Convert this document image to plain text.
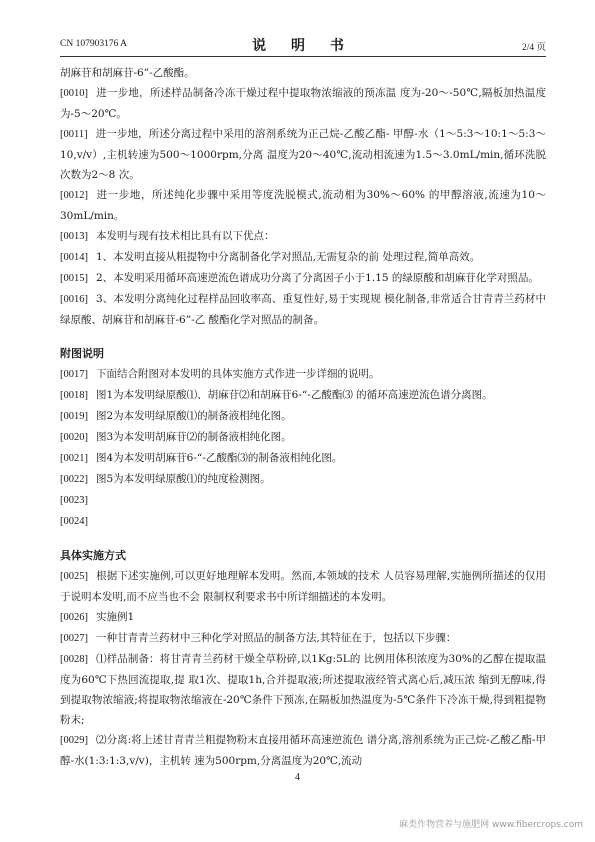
CN 107903176 A	说 明 书	2/4 页

胡麻苷和胡麻苷-6”-乙酸酯。

[0010] 进一步地，所述样品制备冷冻干燥过程中提取物浓缩液的预冻温 度为-20～-50℃,隔板加热温度为-5～20℃。

[0011] 进一步地，所述分离过程中采用的溶剂系统为正己烷-乙酸乙酯- 甲醇-水（1～5:3～10:1～5:3～10,v/v）,主机转速为500～1000rpm,分离 温度为20～40℃,流动相流速为1.5～3.0mL/min,循环洗脱次数为2～8 次。

[0012] 进一步地，所述纯化步骤中采用等度洗脱模式,流动相为30%～60% 的甲醇溶液,流速为10～30mL/min。

[0013] 本发明与现有技术相比具有以下优点：

[0014] 1、本发明直接从粗提物中分离制备化学对照品,无需复杂的前 处理过程,简单高效。

[0015] 2、本发明采用循环高速逆流色谱成功分离了分离因子小于1.15 的绿原酸和胡麻苷化学对照品。

[0016] 3、本发明分离纯化过程样品回收率高、重复性好,易于实现规 模化制备,非常适合甘青青兰药材中绿原酸、胡麻苷和胡麻苷-6”-乙 酸酯化学对照品的制备。

附图说明

[0017] 下面结合附图对本发明的具体实施方式作进一步详细的说明。

[0018] 图1为本发明绿原酸⑴、胡麻苷⑵和胡麻苷6-“-乙酸酯⑶ 的循环高速逆流色谱分离图。

[0019] 图2为本发明绿原酸⑴的制备液相纯化图。

[0020] 图3为本发明胡麻苷⑵的制备液相纯化图。

[0021] 图4为本发明胡麻苷6-“-乙酸酯⑶的制备液相纯化图。

[0022] 图5为本发明绿原酸⑴的纯度检测图。

[0023]

[0024]

具体实施方式

[0025] 根据下述实施例,可以更好地理解本发明。然而,本领域的技术 人员容易理解,实施例所描述的仅用于说明本发明,而不应当也不会 限制权利要求书中所详细描述的本发明。

[0026] 实施例1

[0027] 一种甘青青兰药材中三种化学对照品的制备方法,其特征在于，包括以下步骤：

[0028] ⑴样品制备：将甘青青兰药材干燥全草粉碎,以1Kg:5L的 比例用体积浓度为30%的乙醇在提取温度为60℃下热回流提取,提 取1次、提取1h,合并提取液;所述提取液经管式离心后,减压浓 缩到无醇味,得到提取物浓缩液;将提取物浓缩液在-20℃条件下预冻,在隔板加热温度为-5℃条件下冷冻干燥,得到粗提物粉末;

[0029] ⑵分离:将上述甘青青兰粗提物粉末直接用循环高速逆流色 谱分离,溶剂系统为正己烷-乙酸乙酯-甲醇-水(1:3:1:3,v/v)，主机转 速为500rpm,分离温度为20℃,流动

4
麻类作物营养与施肥网 www.fibercrops.com
